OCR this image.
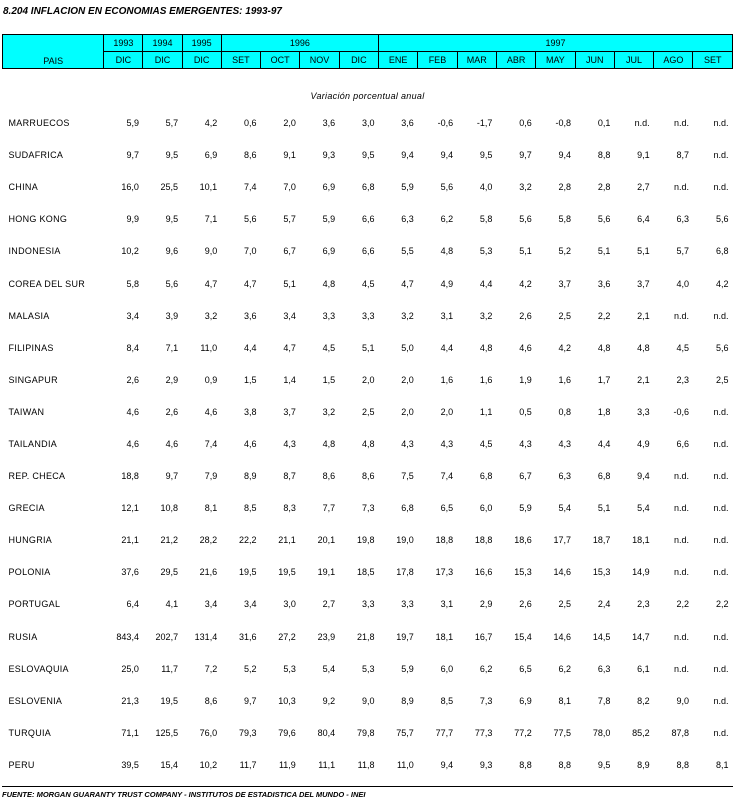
8.204 INFLACION EN ECONOMIAS EMERGENTES: 1993-97
PAIS	1993	1994	1995	1996				1997								
	DIC	DIC	DIC	SET	OCT	NOV	DIC	ENE	FEB	MAR	ABR	MAY	JUN	JUL	AGO	SET

MARRUECOS	5,9	5,7	4,2	0,6	2,0	3,6	3,0	3,6	-0,6	-1,7	0,6	-0,8	0,1	n.d.	n.d.	n.d.
SUDAFRICA	9,7	9,5	6,9	8,6	9,1	9,3	9,5	9,4	9,4	9,5	9,7	9,4	8,8	9,1	8,7	n.d.
CHINA	16,0	25,5	10,1	7,4	7,0	6,9	6,8	5,9	5,6	4,0	3,2	2,8	2,8	2,7	n.d.	n.d.
HONG KONG	9,9	9,5	7,1	5,6	5,7	5,9	6,6	6,3	6,2	5,8	5,6	5,8	5,6	6,4	6,3	5,6
INDONESIA	10,2	9,6	9,0	7,0	6,7	6,9	6,6	5,5	4,8	5,3	5,1	5,2	5,1	5,1	5,7	6,8
COREA DEL SUR	5,8	5,6	4,7	4,7	5,1	4,8	4,5	4,7	4,9	4,4	4,2	3,7	3,6	3,7	4,0	4,2
MALASIA	3,4	3,9	3,2	3,6	3,4	3,3	3,3	3,2	3,1	3,2	2,6	2,5	2,2	2,1	n.d.	n.d.
FILIPINAS	8,4	7,1	11,0	4,4	4,7	4,5	5,1	5,0	4,4	4,8	4,6	4,2	4,8	4,8	4,5	5,6
SINGAPUR	2,6	2,9	0,9	1,5	1,4	1,5	2,0	2,0	1,6	1,6	1,9	1,6	1,7	2,1	2,3	2,5
TAIWAN	4,6	2,6	4,6	3,8	3,7	3,2	2,5	2,0	2,0	1,1	0,5	0,8	1,8	3,3	-0,6	n.d.
TAILANDIA	4,6	4,6	7,4	4,6	4,3	4,8	4,8	4,3	4,3	4,5	4,3	4,3	4,4	4,9	6,6	n.d.
REP. CHECA	18,8	9,7	7,9	8,9	8,7	8,6	8,6	7,5	7,4	6,8	6,7	6,3	6,8	9,4	n.d.	n.d.
GRECIA	12,1	10,8	8,1	8,5	8,3	7,7	7,3	6,8	6,5	6,0	5,9	5,4	5,1	5,4	n.d.	n.d.
HUNGRIA	21,1	21,2	28,2	22,2	21,1	20,1	19,8	19,0	18,8	18,8	18,6	17,7	18,7	18,1	n.d.	n.d.
POLONIA	37,6	29,5	21,6	19,5	19,5	19,1	18,5	17,8	17,3	16,6	15,3	14,6	15,3	14,9	n.d.	n.d.
PORTUGAL	6,4	4,1	3,4	3,4	3,0	2,7	3,3	3,3	3,1	2,9	2,6	2,5	2,4	2,3	2,2	2,2
RUSIA	843,4	202,7	131,4	31,6	27,2	23,9	21,8	19,7	18,1	16,7	15,4	14,6	14,5	14,7	n.d.	n.d.
ESLOVAQUIA	25,0	11,7	7,2	5,2	5,3	5,4	5,3	5,9	6,0	6,2	6,5	6,2	6,3	6,1	n.d.	n.d.
ESLOVENIA	21,3	19,5	8,6	9,7	10,3	9,2	9,0	8,9	8,5	7,3	6,9	8,1	7,8	8,2	9,0	n.d.
TURQUIA	71,1	125,5	76,0	79,3	79,6	80,4	79,8	75,7	77,7	77,3	77,2	77,5	78,0	85,2	87,8	n.d.
PERU	39,5	15,4	10,2	11,7	11,9	11,1	11,8	11,0	9,4	9,3	8,8	8,8	9,5	8,9	8,8	8,1
Variación porcentual anual
FUENTE: MORGAN GUARANTY TRUST COMPANY - INSTITUTOS DE ESTADISTICA DEL MUNDO - INEI
